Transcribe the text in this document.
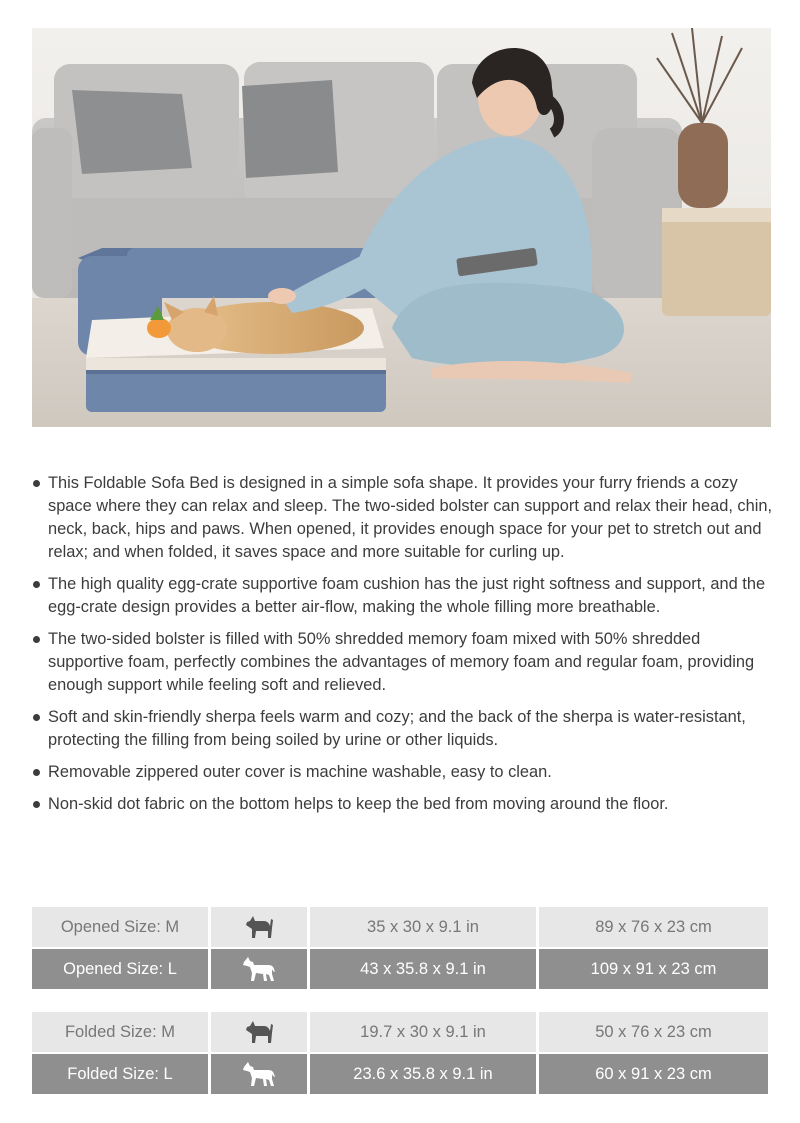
This Foldable Sofa Bed is designed in a simple sofa shape. It provides your furry friends a cozy space where they can relax and sleep. The two-sided bolster can support and relax their head, chin, neck, back, hips and paws. When opened, it provides enough space for your pet to stretch out and relax; and when folded, it saves space and more suitable for curling up.
The high quality egg-crate supportive foam cushion has the just right softness and support, and the egg-crate design provides a better air-flow, making the whole filling more breathable.
The two-sided bolster is filled with 50% shredded memory foam mixed with 50% shredded supportive foam, perfectly combines the advantages of memory foam and regular foam, providing enough support while feeling soft and relieved.
Soft and skin-friendly sherpa feels warm and cozy; and the back of the sherpa is water-resistant, protecting the filling from being soiled by urine or other liquids.
Removable zippered outer cover is machine washable, easy to clean.
Non-skid dot fabric on the bottom helps to keep the bed from moving around the floor.
Opened Size: M	35 x 30 x 9.1 in	89 x 76 x 23 cm
Opened Size: L	43 x 35.8 x 9.1 in	109 x 91 x 23 cm
Folded Size: M	19.7 x 30 x 9.1 in	50 x 76 x 23 cm
Folded Size: L	23.6 x 35.8 x 9.1 in	60 x 91 x 23 cm
